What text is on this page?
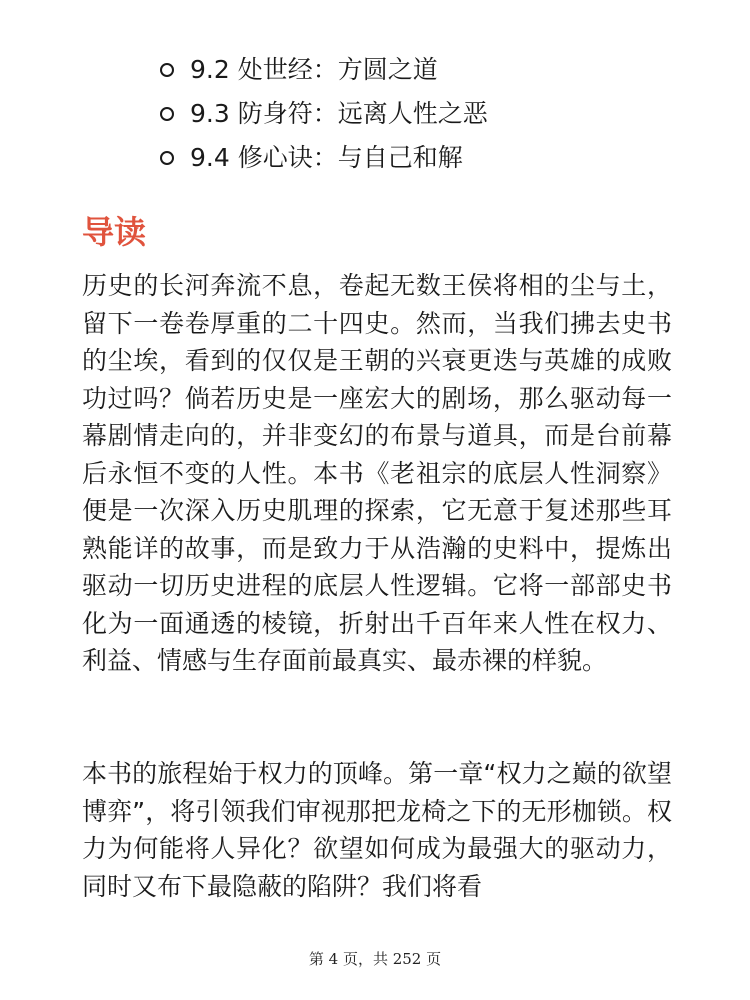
9.2 处世经：方圆之道
9.3 防身符：远离人性之恶
9.4 修心诀：与自己和解
导读

历史的长河奔流不息，卷起无数王侯将相的尘与土，留下一卷卷厚重的二十四史。然而，当我们拂去史书的尘埃，看到的仅仅是王朝的兴衰更迭与英雄的成败功过吗？倘若历史是一座宏大的剧场，那么驱动每一幕剧情走向的，并非变幻的布景与道具，而是台前幕后永恒不变的人性。本书《老祖宗的底层人性洞察》便是一次深入历史肌理的探索，它无意于复述那些耳熟能详的故事，而是致力于从浩瀚的史料中，提炼出驱动一切历史进程的底层人性逻辑。它将一部部史书化为一面通透的棱镜，折射出千百年来人性在权力、利益、情感与生存面前最真实、最赤裸的样貌。

本书的旅程始于权力的顶峰。第一章“权力之巅的欲望博弈”，将引领我们审视那把龙椅之下的无形枷锁。权力为何能将人异化？欲望如何成为最强大的驱动力，同时又布下最隐蔽的陷阱？我们将看

第 4 页，共 252 页
